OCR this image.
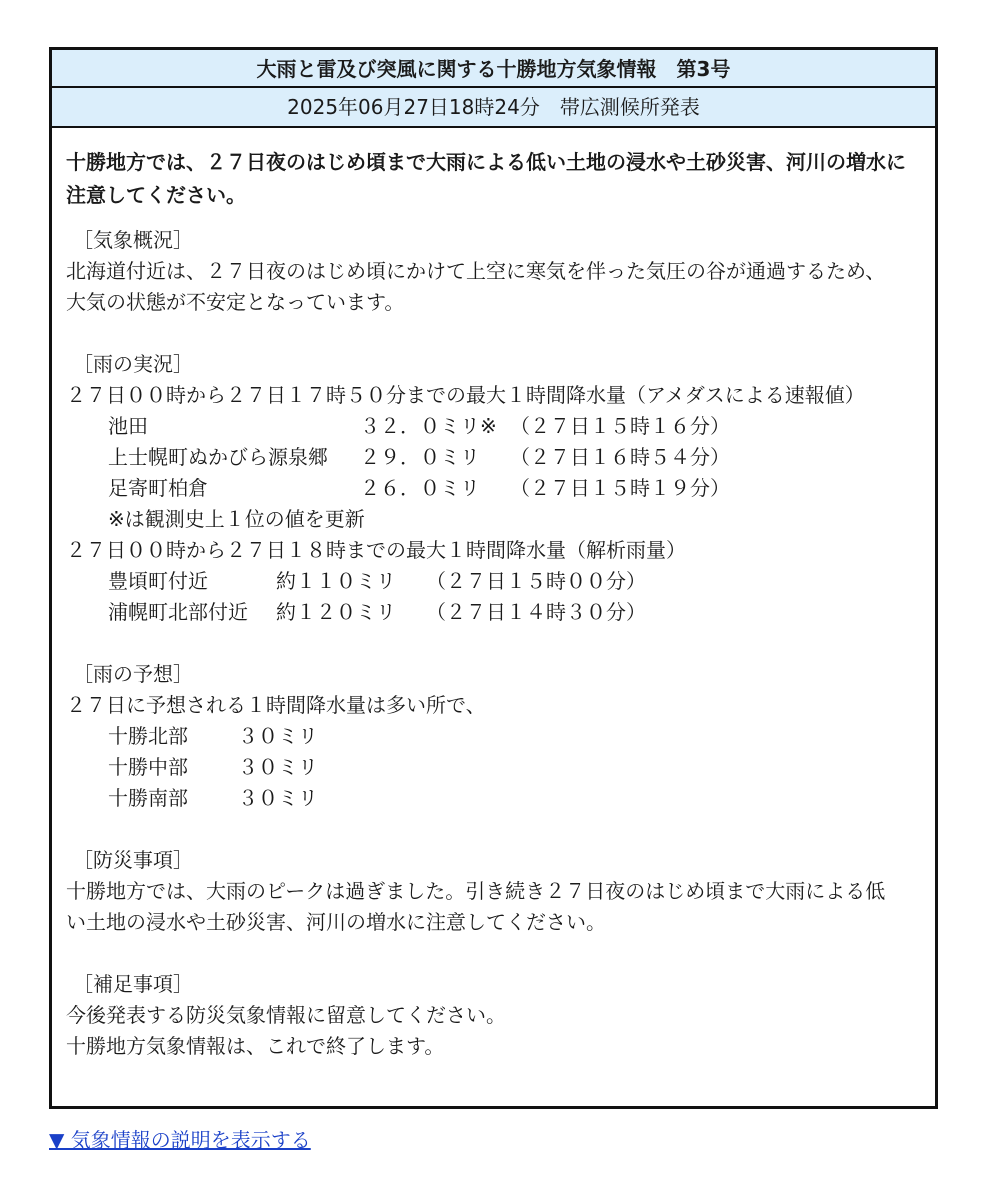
大雨と雷及び突風に関する十勝地方気象情報　第3号
2025年06月27日18時24分　帯広測候所発表

十勝地方では、２７日夜のはじめ頃まで大雨による低い土地の浸水や土砂災害、河川の増水に注意してください。

［気象概況］
北海道付近は、２７日夜のはじめ頃にかけて上空に寒気を伴った気圧の谷が通過するため、
大気の状態が不安定となっています。
［雨の実況］
２７日００時から２７日１７時５０分までの最大１時間降水量（アメダスによる速報値）
池田	３２．０ミリ※ （２７日１５時１６分）
上士幌町ぬかびら源泉郷 ２９．０ミリ （２７日１６時５４分）
足寄町柏倉	２６．０ミリ （２７日１５時１９分）
※は観測史上１位の値を更新
２７日００時から２７日１８時までの最大１時間降水量（解析雨量）
豊頃町付近	約１１０ミリ （２７日１５時００分）
浦幌町北部付近 約１２０ミリ （２７日１４時３０分）
［雨の予想］
２７日に予想される１時間降水量は多い所で、
十勝北部	３０ミリ
十勝中部	３０ミリ
十勝南部	３０ミリ
［防災事項］
十勝地方では、大雨のピークは過ぎました。引き続き２７日夜のはじめ頃まで大雨による低
い土地の浸水や土砂災害、河川の増水に注意してください。
［補足事項］
今後発表する防災気象情報に留意してください。
十勝地方気象情報は、これで終了します。
▼ 気象情報の説明を表示する
